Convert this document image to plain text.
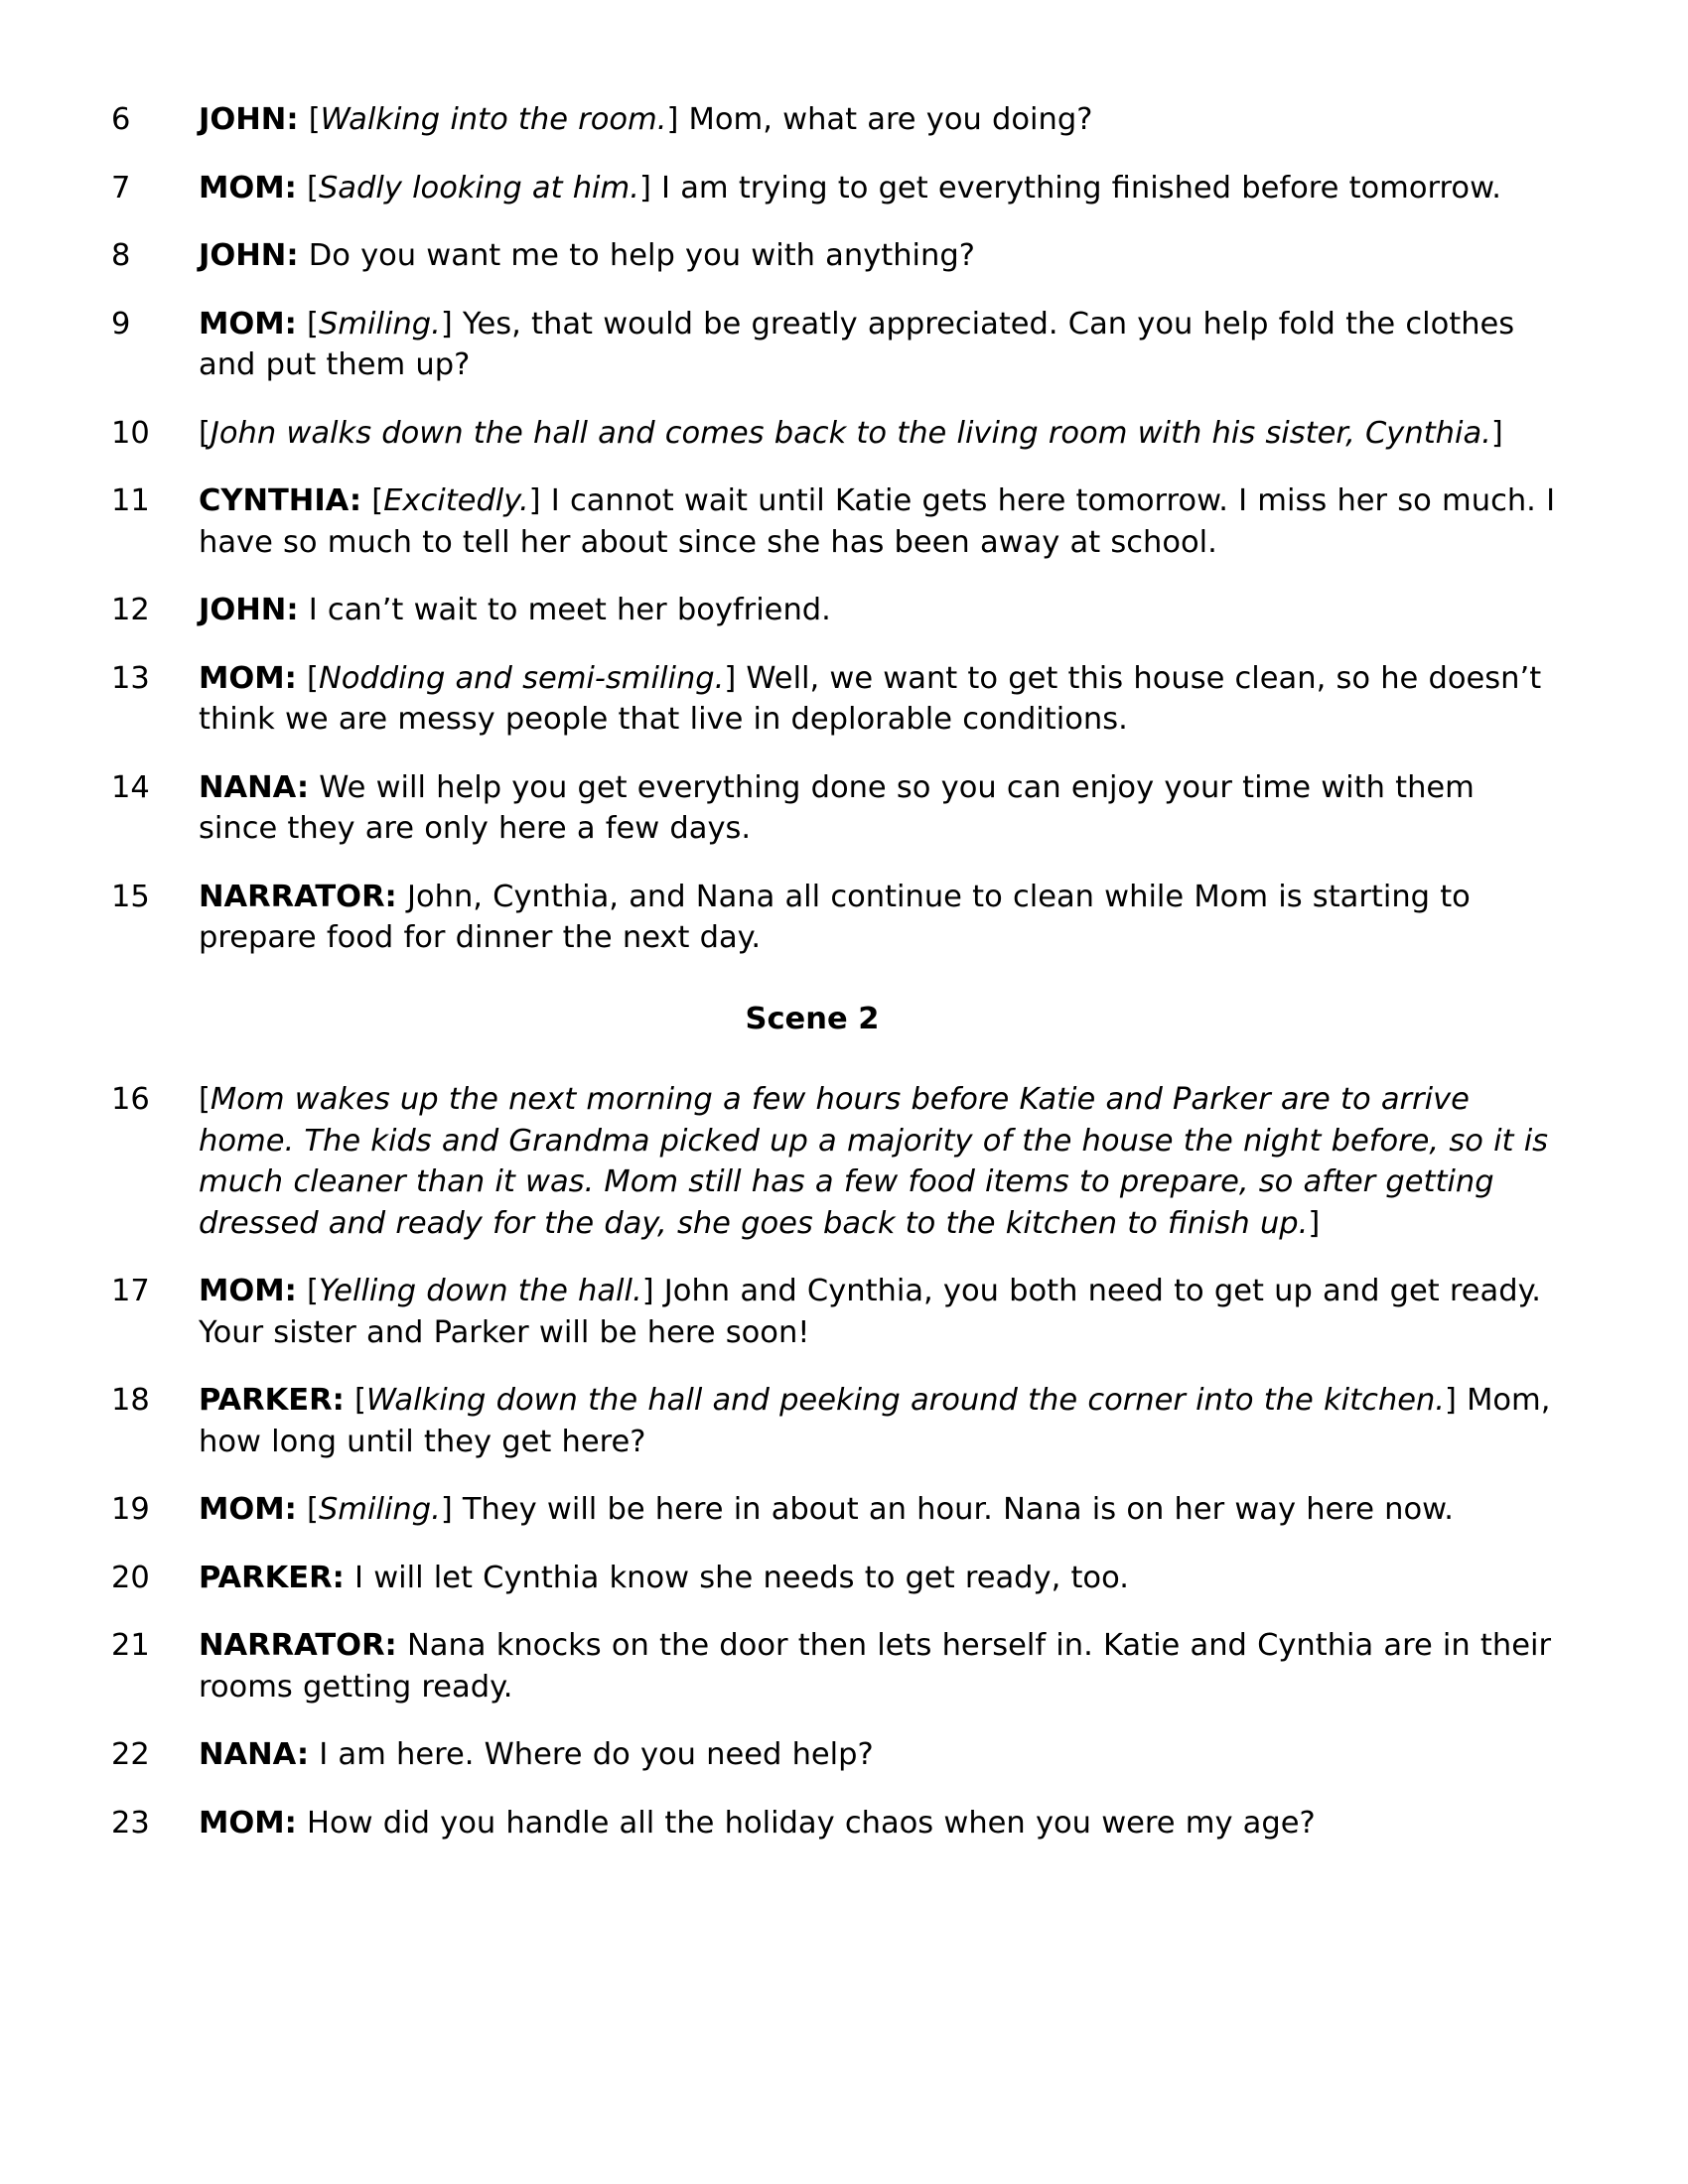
6	JOHN: [Walking into the room.] Mom, what are you doing?
7	MOM: [Sadly looking at him.] I am trying to get everything finished before tomorrow.
8	JOHN: Do you want me to help you with anything?
9	MOM: [Smiling.] Yes, that would be greatly appreciated. Can you help fold the clothes and put them up?
10	[John walks down the hall and comes back to the living room with his sister, Cynthia.]
11	CYNTHIA: [Excitedly.] I cannot wait until Katie gets here tomorrow. I miss her so much. I have so much to tell her about since she has been away at school.
12	JOHN: I can’t wait to meet her boyfriend.
13	MOM: [Nodding and semi-smiling.] Well, we want to get this house clean, so he doesn’t think we are messy people that live in deplorable conditions.
14	NANA: We will help you get everything done so you can enjoy your time with them since they are only here a few days.
15	NARRATOR: John, Cynthia, and Nana all continue to clean while Mom is starting to prepare food for dinner the next day.
Scene 2
16	[Mom wakes up the next morning a few hours before Katie and Parker are to arrive home. The kids and Grandma picked up a majority of the house the night before, so it is much cleaner than it was. Mom still has a few food items to prepare, so after getting dressed and ready for the day, she goes back to the kitchen to finish up.]
17	MOM: [Yelling down the hall.] John and Cynthia, you both need to get up and get ready. Your sister and Parker will be here soon!
18	PARKER: [Walking down the hall and peeking around the corner into the kitchen.] Mom, how long until they get here?
19	MOM: [Smiling.] They will be here in about an hour. Nana is on her way here now.
20	PARKER: I will let Cynthia know she needs to get ready, too.
21	NARRATOR: Nana knocks on the door then lets herself in. Katie and Cynthia are in their rooms getting ready.
22	NANA: I am here. Where do you need help?
23	MOM: How did you handle all the holiday chaos when you were my age?
